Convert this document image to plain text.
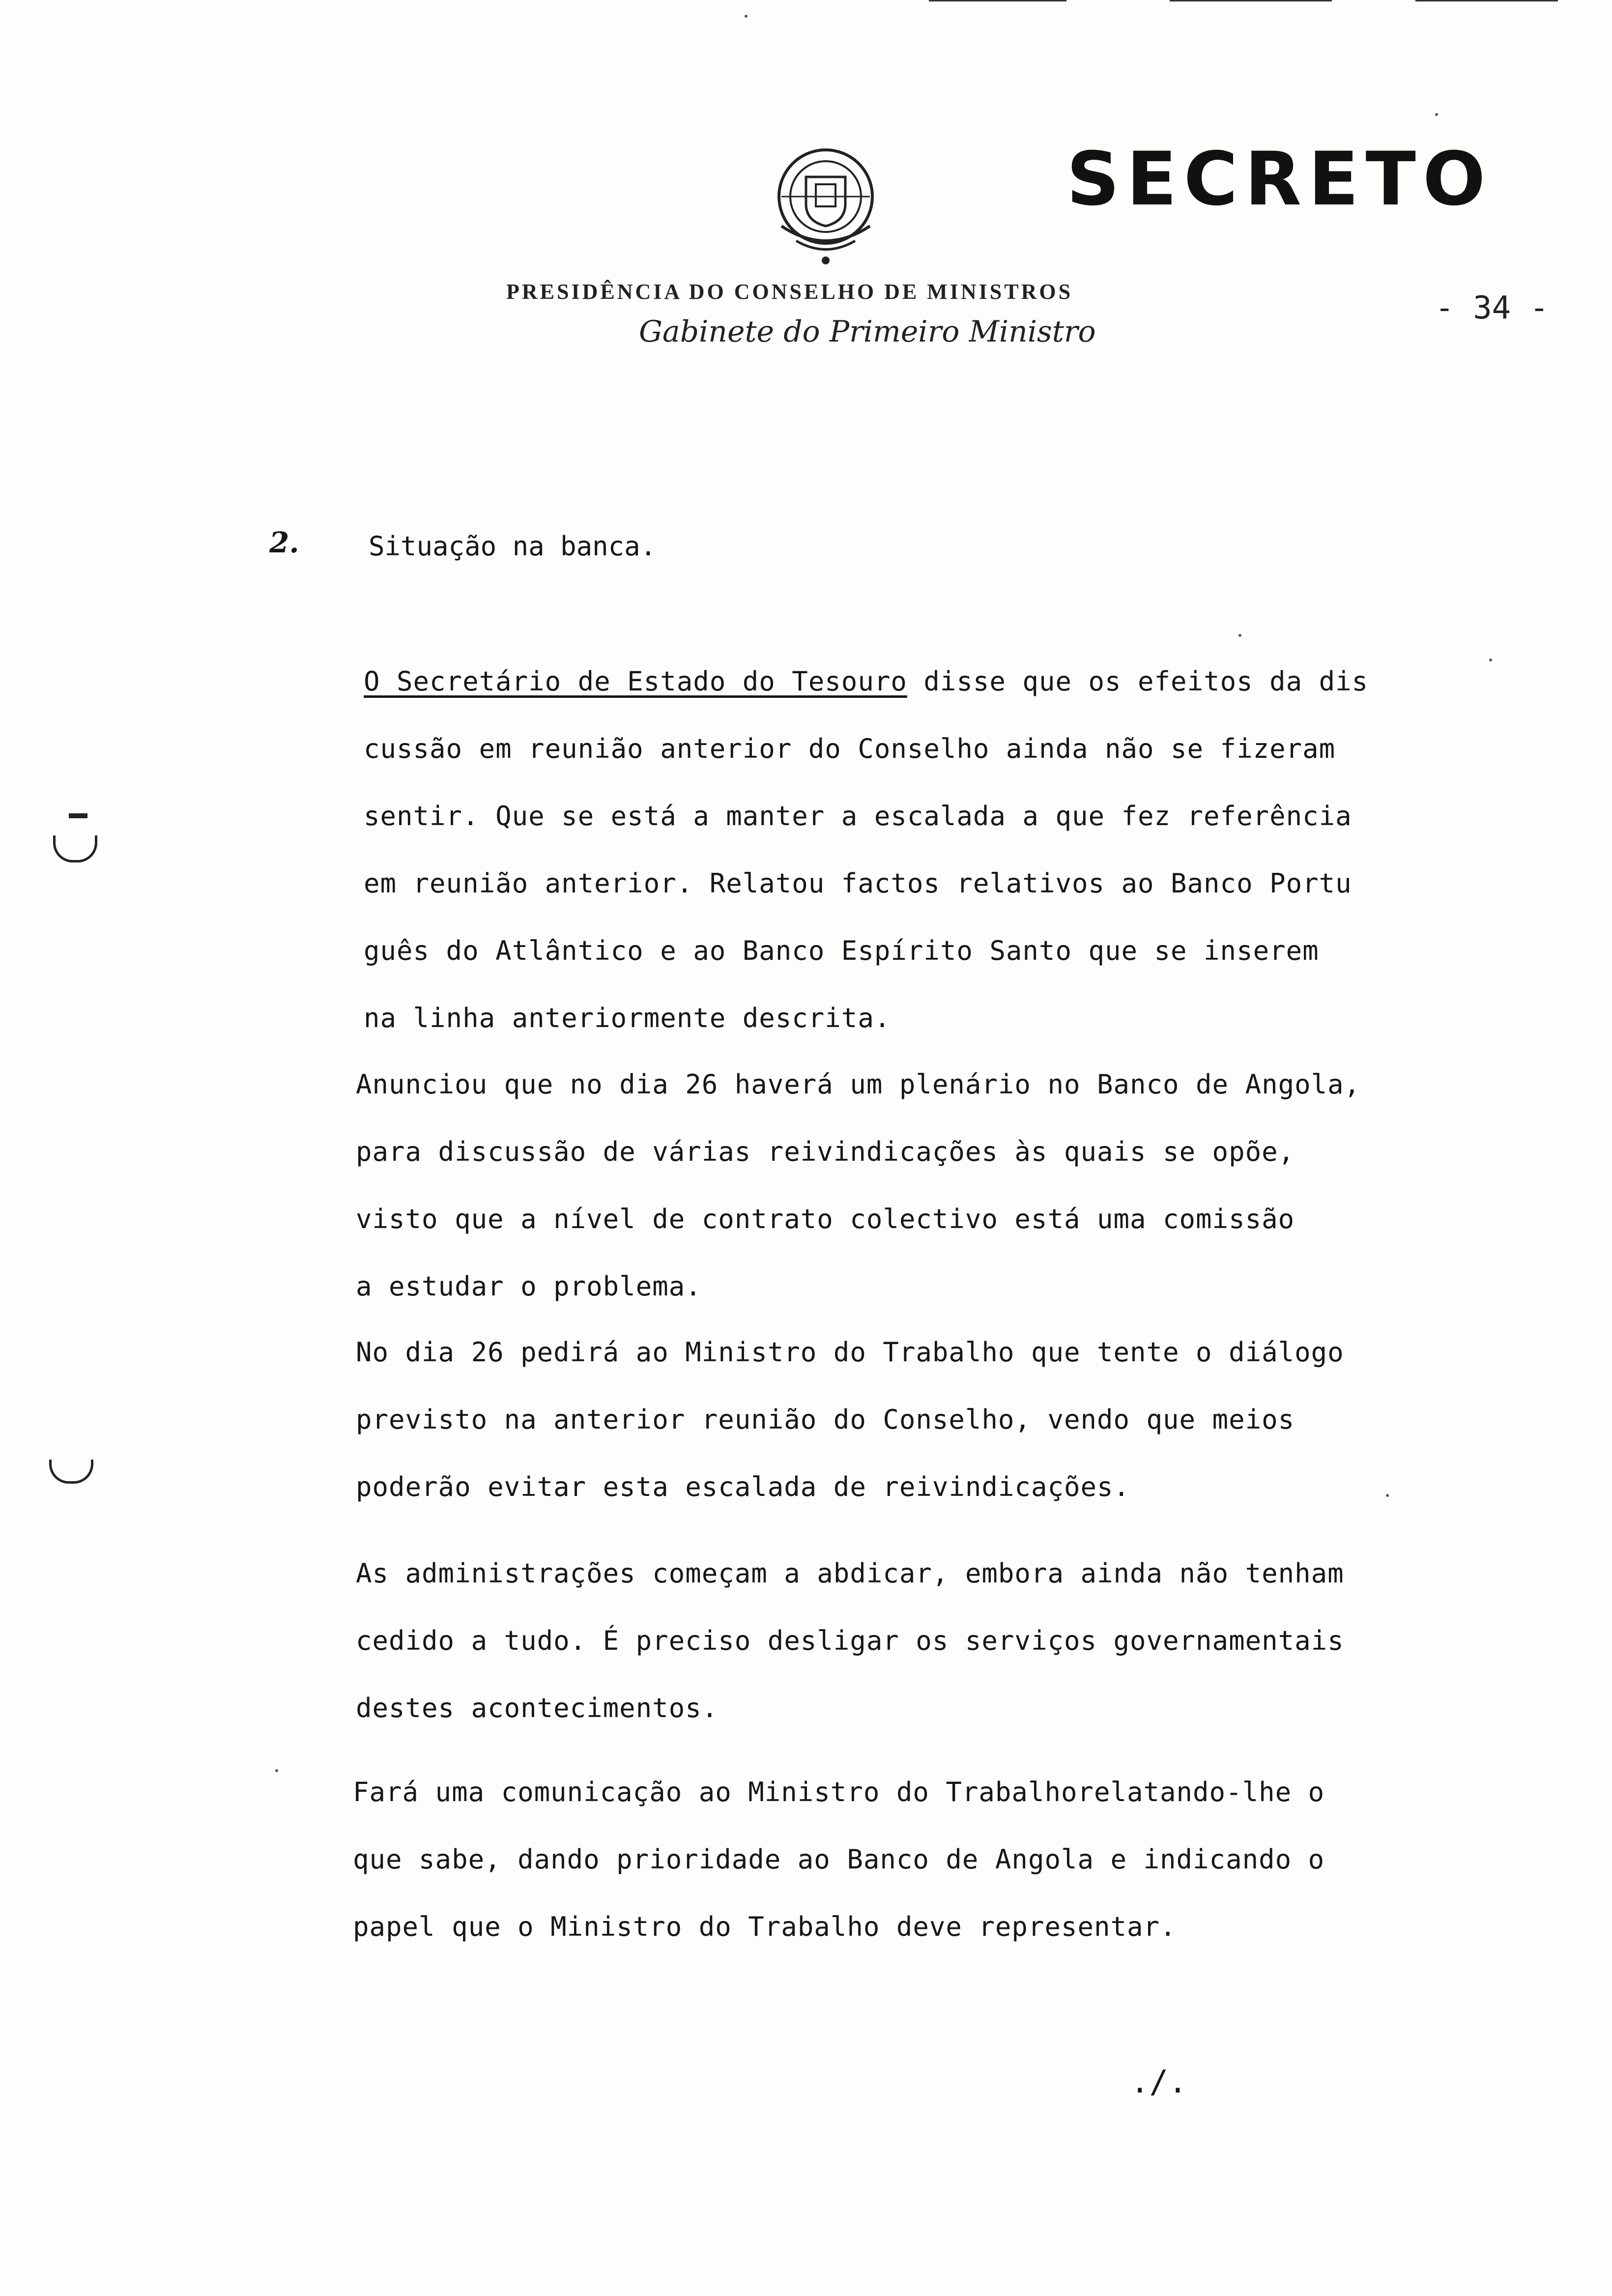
SECRETO
PRESIDÊNCIA DO CONSELHO DE MINISTROS
Gabinete do Primeiro Ministro
- 34 -
2.	Situação na banca.
O Secretário de Estado do Tesouro disse que os efeitos da dis
cussão em reunião anterior do Conselho ainda não se fizeram
sentir. Que se está a manter a escalada a que fez referência
em reunião anterior. Relatou factos relativos ao Banco Portu
guês do Atlântico e ao Banco Espírito Santo que se inserem
na linha anteriormente descrita.
Anunciou que no dia 26 haverá um plenário no Banco de Angola,
para discussão de várias reivindicações às quais se opõe,
visto que a nível de contrato colectivo está uma comissão
a estudar o problema.
No dia 26 pedirá ao Ministro do Trabalho que tente o diálogo
previsto na anterior reunião do Conselho, vendo que meios
poderão evitar esta escalada de reivindicações.
As administrações começam a abdicar, embora ainda não tenham
cedido a tudo. É preciso desligar os serviços governamentais
destes acontecimentos.
Fará uma comunicação ao Ministro do Trabalhorelatando-lhe o
que sabe, dando prioridade ao Banco de Angola e indicando o
papel que o Ministro do Trabalho deve representar.
./.
